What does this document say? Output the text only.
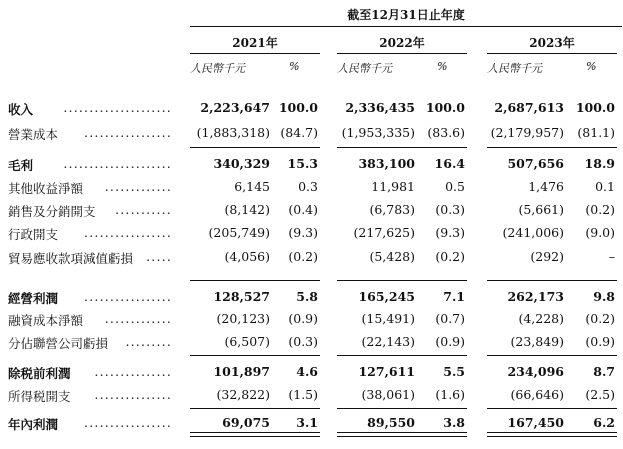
截至12月31日止年度
2021年	2022年	2023年
人民幣千元	%	人民幣千元	%	人民幣千元	%
收入 ..................... 2,223,647 100.0 2,336,435 100.0 2,687,613 100.0
營業成本 ................. (1,883,318) (84.7) (1,953,335) (83.6) (2,179,957) (81.1)
毛利 .....................	340,329 15.3	383,100 16.4	507,656 18.9
其他收益淨額 .............	6,145 0.3	11,981 0.5	1,476 0.1
銷售及分銷開支 ...........	(8,142) (0.4)	(6,783) (0.3)	(5,661) (0.2)
行政開支 .................	(205,749) (9.3)	(217,625) (9.3)	(241,006) (9.0)
貿易應收款項減值虧損 .....	(4,056) (0.2)	(5,428) (0.2)	(292)	–
經營利潤 .................	128,527 5.8	165,245 7.1	262,173 9.8
融資成本淨額 .............	(20,123) (0.9)	(15,491) (0.7)	(4,228) (0.2)
分佔聯營公司虧損 .........	(6,507) (0.3)	(22,143) (0.9)	(23,849) (0.9)
除税前利潤 ...............	101,897 4.6	127,611 5.5	234,096 8.7
所得税開支 ...............	(32,822) (1.5)	(38,061) (1.6)	(66,646) (2.5)
年內利潤 .................	69,075 3.1	89,550 3.8	167,450 6.2
